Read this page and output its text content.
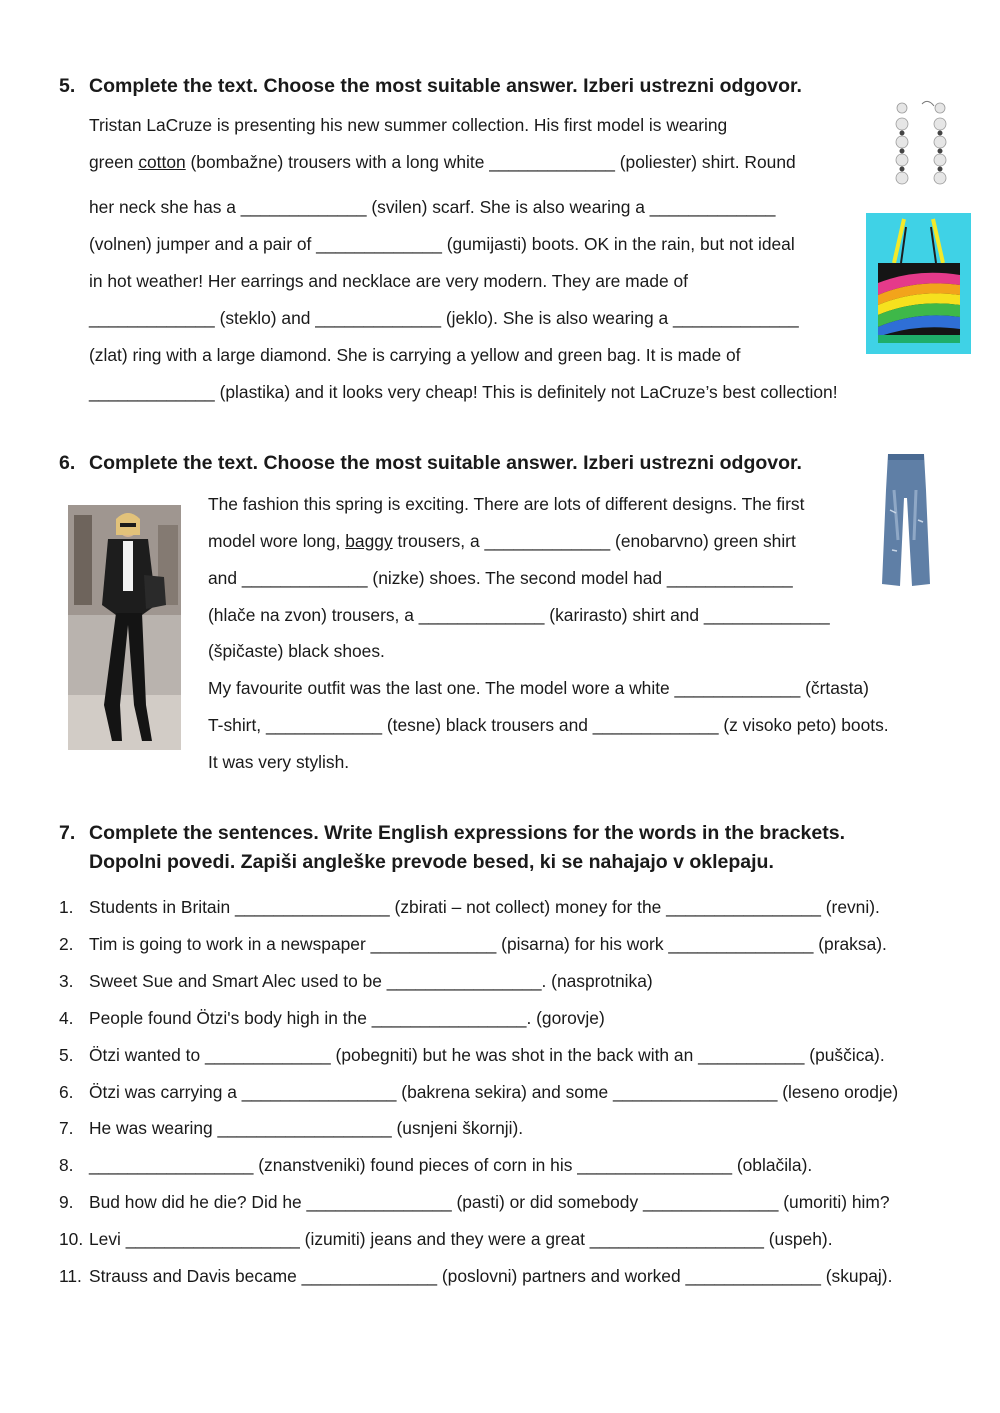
5. Complete the text. Choose the most suitable answer. Izberi ustrezni odgovor.
Tristan LaCruze is presenting his new summer collection. His first model is wearing
green cotton (bombažne) trousers with a long white _____________ (poliester) shirt. Round
her neck she has a _____________ (svilen) scarf. She is also wearing a _____________
(volnen) jumper and a pair of _____________ (gumijasti) boots. OK in the rain, but not ideal
in hot weather! Her earrings and necklace are very modern. They are made of
_____________ (steklo) and _____________ (jeklo). She is also wearing a _____________
(zlat) ring with a large diamond. She is carrying a yellow and green bag. It is made of
_____________ (plastika) and it looks very cheap! This is definitely not LaCruze’s best collection!
6. Complete the text. Choose the most suitable answer. Izberi ustrezni odgovor.
The fashion this spring is exciting. There are lots of different designs. The first
model wore long, baggy trousers, a _____________ (enobarvno) green shirt
and _____________ (nizke) shoes. The second model had _____________
(hlače na zvon) trousers, a _____________ (karirasto) shirt and _____________
(špičaste) black shoes.
My favourite outfit was the last one. The model wore a white _____________ (črtasta)
T-shirt, ____________ (tesne) black trousers and _____________ (z visoko peto) boots.
It was very stylish.
7. Complete the sentences. Write English expressions for the words in the brackets.
Dopolni povedi. Zapiši angleške prevode besed, ki se nahajajo v oklepaju.
1. Students in Britain ________________ (zbirati – not collect) money for the ________________ (revni).
2. Tim is going to work in a newspaper _____________ (pisarna) for his work _______________ (praksa).
3. Sweet Sue and Smart Alec used to be ________________. (nasprotnika)
4. People found Ötzi's body high in the ________________. (gorovje)
5. Ötzi wanted to _____________ (pobegniti) but he was shot in the back with an ___________ (puščica).
6. Ötzi was carrying a ________________ (bakrena sekira) and some _________________ (leseno orodje)
7. He was wearing __________________ (usnjeni škornji).
8. _________________ (znanstveniki) found pieces of corn in his ________________ (oblačila).
9. Bud how did he die? Did he _______________ (pasti) or did somebody ______________ (umoriti) him?
10. Levi __________________ (izumiti) jeans and they were a great __________________ (uspeh).
11. Strauss and Davis became ______________ (poslovni) partners and worked ______________ (skupaj).
